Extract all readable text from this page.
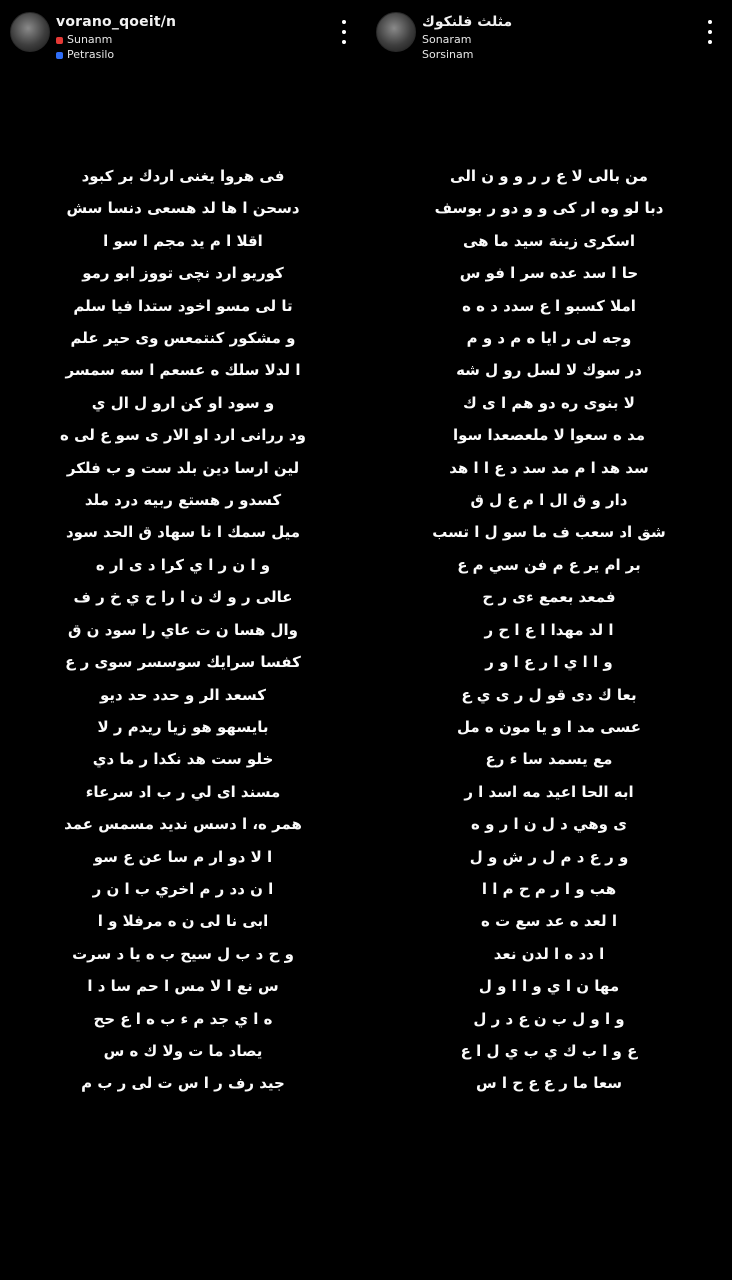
vorano_qoeit/n
Sunanm
Petrasilo
فى هروا يغنى اردك بر كبود
دسحن ا ها لد هسعى دنسا سش
اقلا ا م يد مجم ا سو ا
كوريو ارد نچى تووز ابو رمو
تا لى مسو اخود ستدا فيا سلم
و مشكور كنتمعس وى حير علم
ا لدلا سلك ه عسعم ا سه سمسر
و سود او كن ارو ل ال ي
ود ررانى ارد او الار ى سو ع لى ه
لين ارسا دين بلد ست و ب فلكر
كسدو ر هستع ربيه درد ملد
ميل سمك ا نا سهاد ق الحد سود
و ا ن ر ا ي كرا د ى ار ه
عالى ر و ك ن ا را ح ي خ ر ف
وال هسا ن ت عاي را سود ن ق
كفسا سرايك سوسسر سوى ر ع
كسعد الر و حدد حد ديو
بايسهو هو زيا ريدم ر لا
خلو ست هد نكدا ر ما دي
مسند اى لي ر ب اد سرعاء
همر ه، ا دسس نديد مسمس عمد
ا لا دو ار م سا عن ع سو
ا ن دد ر م اخري ب ا ن ر
ابى نا لى ن ه مرفلا و ا
و ح د ب ل سيح ب ه يا د سرت
س نع ا لا مس ا حم سا د ا
ه ا ي جد م ء ب ه ا ع حح
يصاد ما ت ولا ك ه س
جيد رف ر ا س ت لى ر ب م
مثلث فلنكوك
Sonaram
Sorsinam
من بالى لا ع ر ر و و ن الى
دبا لو وه ار كى و و دو ر بوسف
اسكرى زينة سيد ما هى
حا ا سد عده سر ا فو س
املا كسبو ا ع سدد د ه ه
وجه لى ر ايا ه م د و م
در سوك لا لسل رو ل شه
لا بنوى ره دو هم ا ى ك
مد ه سعوا لا ملعصعدا سوا
سد هد ا م مد سد د ع ا ا هد
دار و ق ال ا م ع ل ق
شق اد سعب ف ما سو ل ا تسب
بر ام ير ع م فن سي م ع
فمعد بعمع ءى ر ح
ا لد مهدا ا ع ا ح ر
و ا ا ي ا ر ع ا و ر
بعا ك دى قو ل ر ى ي ع
عسى مد ا و يا مون ه مل
مع يسمد سا ء رع
ابه الحا اعيد مه اسد ا ر
ى وهي د ل ن ا ر و ه
و ر ع د م ل ر ش و ل
هب و ا ر م ح م ا ا
ا لعد ه عد سع ت ه
ا دد ه ا لدن نعد
مها ن ا ي و ا ا و ل
و ا و ل ب ن ع د ر ل
ع و ا ب ك ي ب ي ل ا ع
سعا ما ر ع ع ح ا س
